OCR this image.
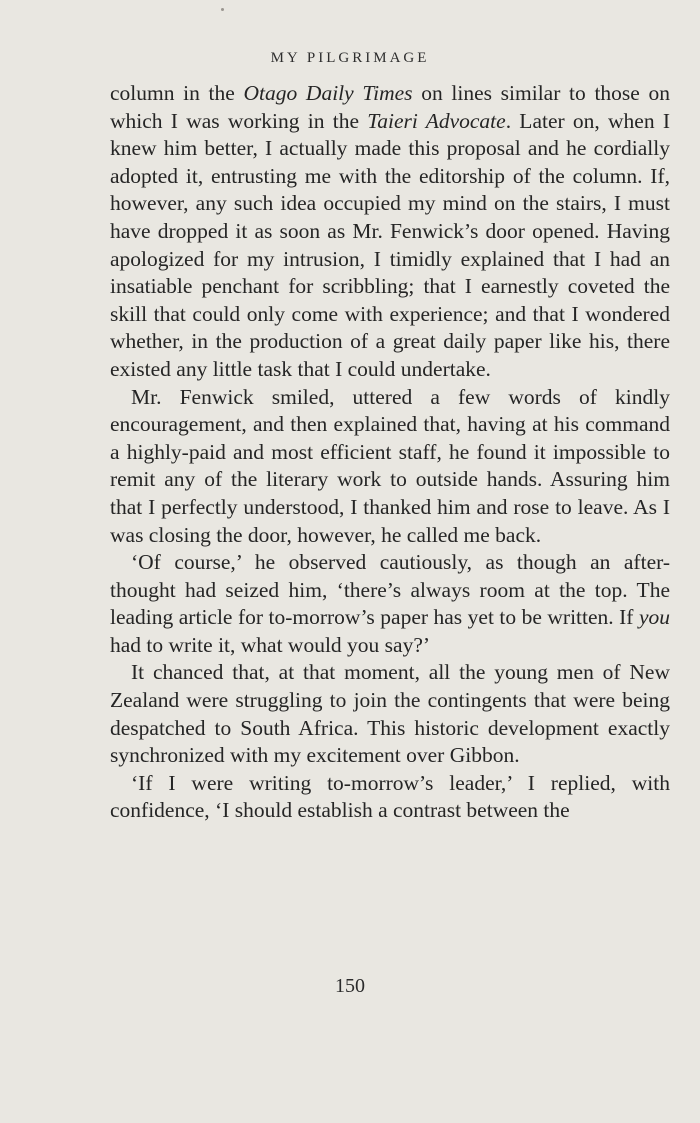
MY PILGRIMAGE

column in the Otago Daily Times on lines similar to those on which I was working in the Taieri Advocate. Later on, when I knew him better, I actually made this proposal and he cordially adopted it, entrusting me with the editorship of the column. If, however, any such idea occupied my mind on the stairs, I must have dropped it as soon as Mr. Fenwick’s door opened. Having apologized for my intrusion, I timidly explained that I had an insatiable penchant for scribbling; that I earnestly coveted the skill that could only come with experience; and that I wondered whether, in the production of a great daily paper like his, there existed any little task that I could undertake.

Mr. Fenwick smiled, uttered a few words of kindly encouragement, and then explained that, having at his command a highly-paid and most efficient staff, he found it impossible to remit any of the literary work to outside hands. Assuring him that I perfectly understood, I thanked him and rose to leave. As I was closing the door, however, he called me back.

‘Of course,’ he observed cautiously, as though an after-thought had seized him, ‘there’s always room at the top. The leading article for to-morrow’s paper has yet to be written. If you had to write it, what would you say?’

It chanced that, at that moment, all the young men of New Zealand were struggling to join the contingents that were being despatched to South Africa. This historic development exactly synchronized with my excitement over Gibbon.

‘If I were writing to-morrow’s leader,’ I replied, with confidence, ‘I should establish a contrast between the

150
